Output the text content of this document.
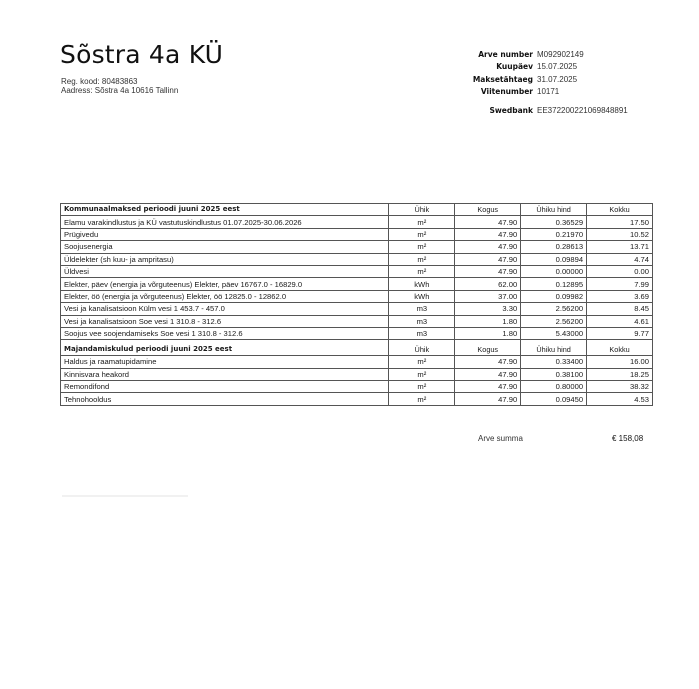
Sõstra 4a KÜ
Reg. kood: 80483863
Aadress: Sõstra 4a 10616 Tallinn
Arve number M092902149
Kuupäev 15.07.2025
Maksetähtaeg 31.07.2025
Viitenumber 10171
Swedbank EE372200221069848891
Kommunaalmaksed perioodi juuni 2025 eest	Ühik	Kogus	Ühiku hind	Kokku
Elamu varakindlustus ja KÜ vastutuskindlustus 01.07.2025-30.06.2026	m²	47.90	0.36529	17.50
Prügivedu	m²	47.90	0.21970	10.52
Soojusenergia	m²	47.90	0.28613	13.71
Üldelekter (sh kuu- ja ampritasu)	m²	47.90	0.09894	4.74
Üldvesi	m²	47.90	0.00000	0.00
Elekter, päev (energia ja võrguteenus) Elekter, päev 16767.0 - 16829.0	kWh	62.00	0.12895	7.99
Elekter, öö (energia ja võrguteenus) Elekter, öö 12825.0 - 12862.0	kWh	37.00	0.09982	3.69
Vesi ja kanalisatsioon Külm vesi 1 453.7 - 457.0	m3	3.30	2.56200	8.45
Vesi ja kanalisatsioon Soe vesi 1 310.8 - 312.6	m3	1.80	2.56200	4.61
Soojus vee soojendamiseks Soe vesi 1 310.8 - 312.6	m3	1.80	5.43000	9.77
Majandamiskulud perioodi juuni 2025 eest	Ühik	Kogus	Ühiku hind	Kokku
Haldus ja raamatupidamine	m²	47.90	0.33400	16.00
Kinnisvara heakord	m²	47.90	0.38100	18.25
Remondifond	m²	47.90	0.80000	38.32
Tehnohooldus	m²	47.90	0.09450	4.53
Arve summa	€ 158,08
